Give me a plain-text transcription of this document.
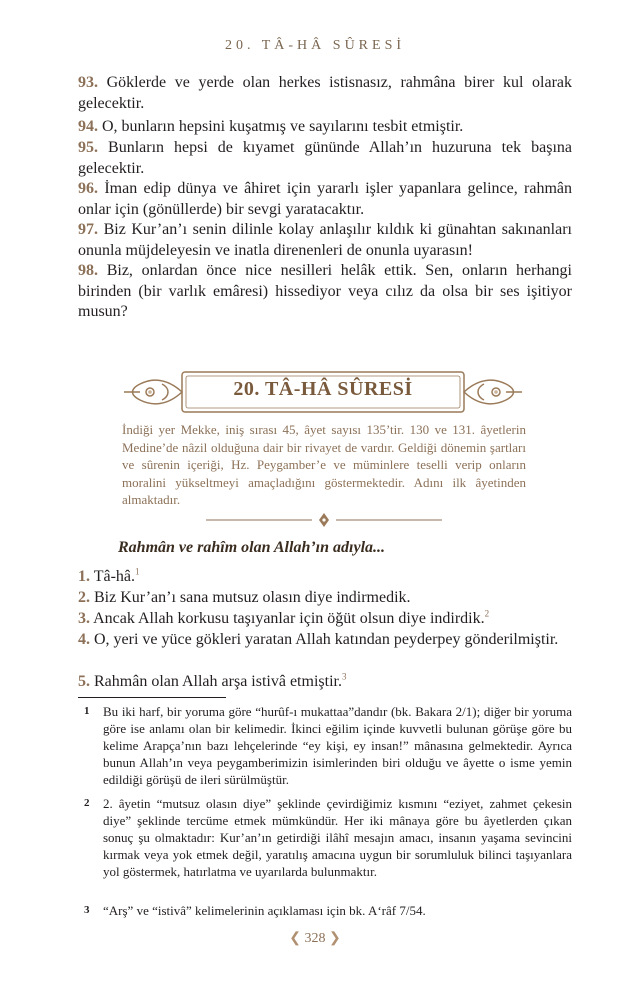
20. TÂ-HÂ SÛRESİ
93. Göklerde ve yerde olan herkes istisnasız, rahmâna birer kul olarak gelecektir.
94. O, bunların hepsini kuşatmış ve sayılarını tesbit etmiştir.
95. Bunların hepsi de kıyamet gününde Allah’ın huzuruna tek başına gelecektir.
96. İman edip dünya ve âhiret için yararlı işler yapanlara gelince, rahmân onlar için (gönüllerde) bir sevgi yaratacaktır.
97. Biz Kur’an’ı senin dilinle kolay anlaşılır kıldık ki günahtan sakınanları onunla müjdeleyesin ve inatla direnenleri de onunla uyarasın!
98. Biz, onlardan önce nice nesilleri helâk ettik. Sen, onların herhangi birinden (bir varlık emâresi) hissediyor veya cılız da olsa bir ses işitiyor musun?
20. TÂ-HÂ SÛRESİ
İndiği yer Mekke, iniş sırası 45, âyet sayısı 135’tir. 130 ve 131. âyetlerin Medine’de nâzil olduğuna dair bir rivayet de vardır. Geldiği dönemin şartları ve sûrenin içeriği, Hz. Peygamber’e ve müminlere teselli verip onların moralini yükseltmeyi amaçladığını göstermektedir. Adını ilk âyetinden almaktadır.
Rahmân ve rahîm olan Allah’ın adıyla...
1. Tâ-hâ.$^1$
2. Biz Kur’an’ı sana mutsuz olasın diye indirmedik.
3. Ancak Allah korkusu taşıyanlar için öğüt olsun diye indirdik.$^2$
4. O, yeri ve yüce gökleri yaratan Allah katından peyderpey gönderilmiştir.
5. Rahmân olan Allah arşa istivâ etmiştir.$^3$
1 Bu iki harf, bir yoruma göre “hurûf-ı mukattaa”dandır (bk. Bakara 2/1); diğer bir yoruma göre ise anlamı olan bir kelimedir. İkinci eğilim içinde kuvvetli bulunan görüşe göre bu kelime Arapça’nın bazı lehçelerinde “ey kişi, ey insan!” mânasına gelmektedir. Ayrıca bunun Allah’ın veya peygamberimizin isimlerinden biri olduğu ve âyette o isme yemin edildiği görüşü de ileri sürülmüştür.
2 2. âyetin “mutsuz olasın diye” şeklinde çevirdiğimiz kısmını “eziyet, zahmet çekesin diye” şeklinde tercüme etmek mümkündür. Her iki mânaya göre bu âyetlerden çıkan sonuç şu olmaktadır: Kur’an’ın getirdiği ilâhî mesajın amacı, insanın yaşama sevincini kırmak veya yok etmek değil, yaratılış amacına uygun bir sorumluluk bilinci taşıyanlara yol göstermek, hatırlatma ve uyarılarda bulunmaktır.
3 “Arş” ve “istivâ” kelimelerinin açıklaması için bk. A‘râf 7/54.
❮ 328 ❯
